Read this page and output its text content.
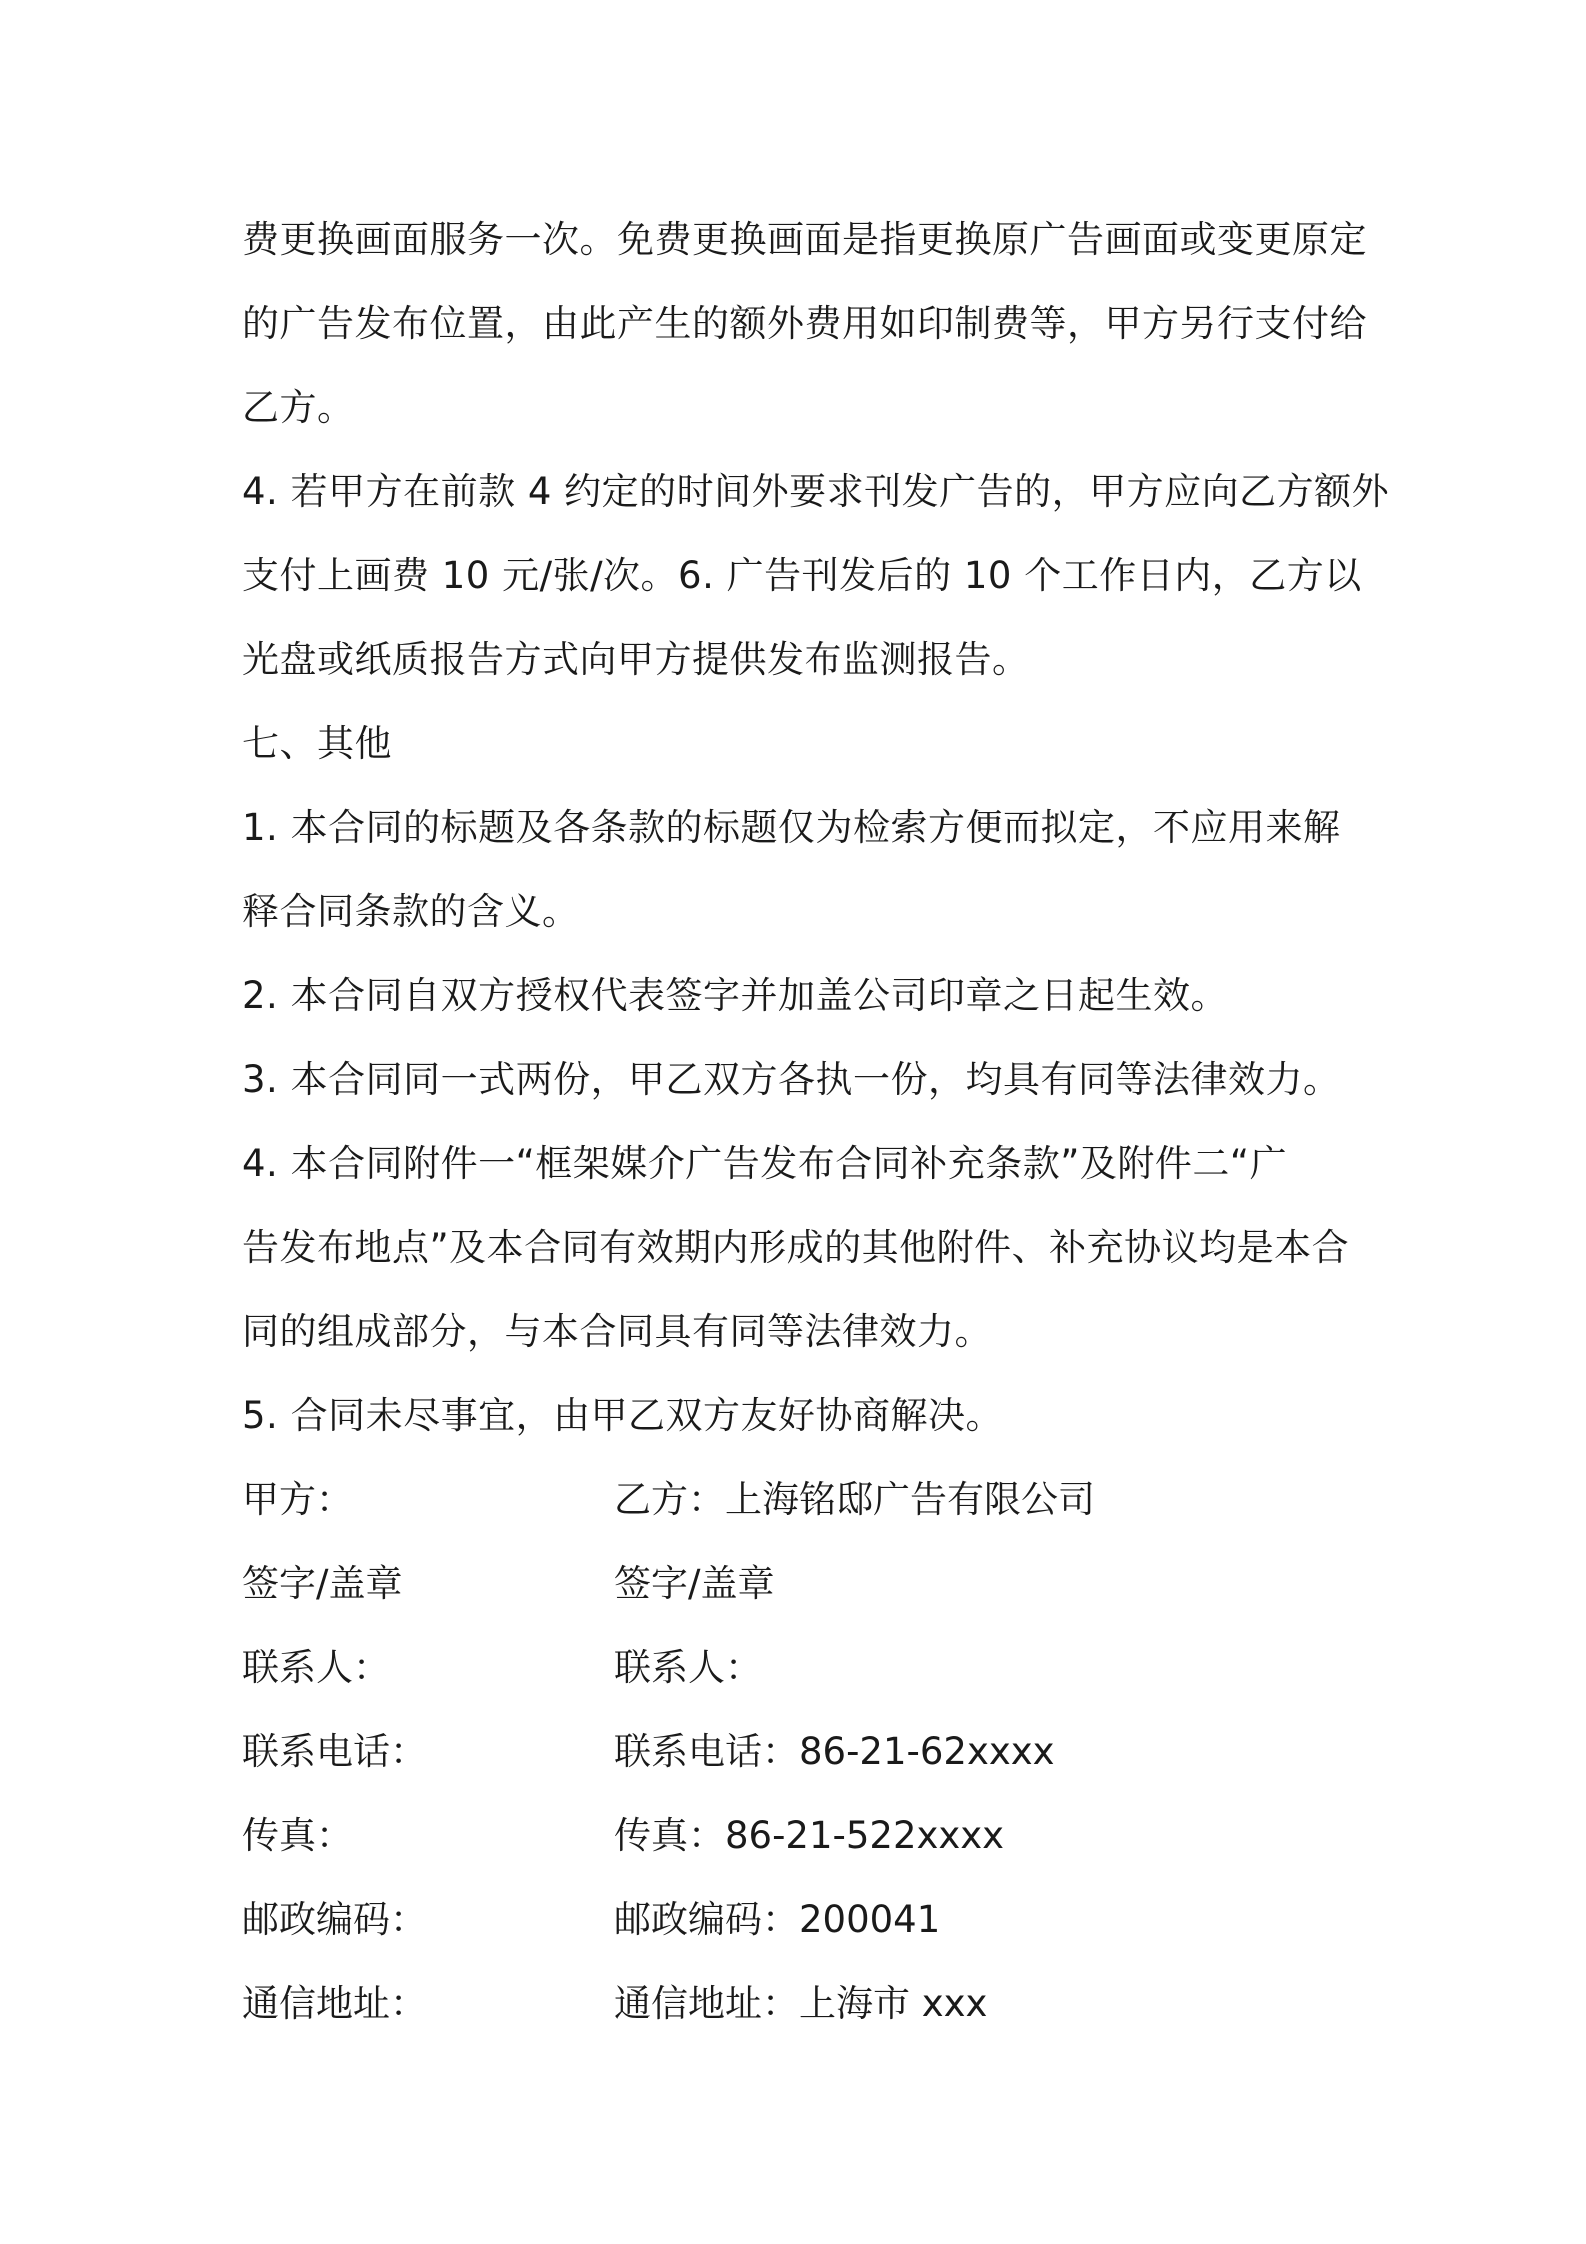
费更换画面服务一次。免费更换画面是指更换原广告画面或变更原定
的广告发布位置，由此产生的额外费用如印制费等，甲方另行支付给
乙方。
4. 若甲方在前款 4 约定的时间外要求刊发广告的，甲方应向乙方额外
支付上画费 10 元/张/次。6. 广告刊发后的 10 个工作日内，乙方以
光盘或纸质报告方式向甲方提供发布监测报告。
七、其他
1. 本合同的标题及各条款的标题仅为检索方便而拟定，不应用来解
释合同条款的含义。
2. 本合同自双方授权代表签字并加盖公司印章之日起生效。
3. 本合同同一式两份，甲乙双方各执一份，均具有同等法律效力。
4. 本合同附件一“框架媒介广告发布合同补充条款”及附件二“广
告发布地点”及本合同有效期内形成的其他附件、补充协议均是本合
同的组成部分，与本合同具有同等法律效力。
5. 合同未尽事宜，由甲乙双方友好协商解决。
甲方：	乙方：上海铭邸广告有限公司
签字/盖章	签字/盖章
联系人：	联系人：
联系电话：	联系电话：86-21-62xxxx
传真：	传真：86-21-522xxxx
邮政编码：	邮政编码：200041
通信地址：	通信地址：上海市 xxx
